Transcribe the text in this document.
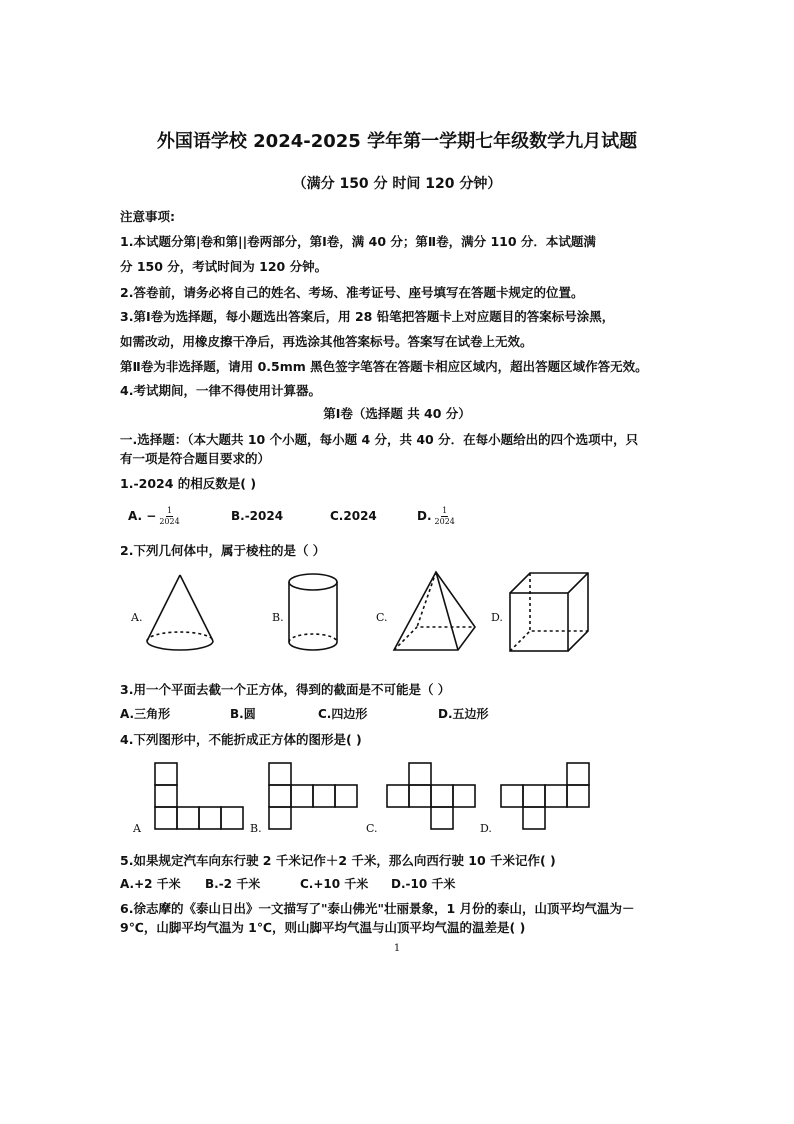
外国语学校 2024-2025 学年第一学期七年级数学九月试题
（满分 150 分 时间 120 分钟）
注意事项:
1.本试题分第|卷和第||卷两部分，第Ⅰ卷，满 40 分；第Ⅱ卷，满分 110 分．本试题满
分 150 分，考试时间为 120 分钟。
2.答卷前，请务必将自己的姓名、考场、准考证号、座号填写在答题卡规定的位置。
3.第Ⅰ卷为选择题，每小题选出答案后，用 28 铅笔把答题卡上对应题目的答案标号涂黑，
如需改动，用橡皮擦干净后，再选涂其他答案标号。答案写在试卷上无效。
第Ⅱ卷为非选择题，请用 0.5mm 黑色签字笔答在答题卡相应区域内，超出答题区域作答无效。
4.考试期间，一律不得使用计算器。
第Ⅰ卷（选择题 共 40 分）
一.选择题：（本大题共 10 个小题，每小题 4 分，共 40 分．在每小题给出的四个选项中，只
有一项是符合题目要求的）
1.-2024 的相反数是( )
A. − $\frac{1}{2024}$	B.-2024	C.2024	D. $\frac{1}{2024}$
2.下列几何体中，属于棱柱的是（ ）
A.	B.	C.	D.
3.用一个平面去截一个正方体，得到的截面是不可能是（ ）
A.三角形	B.圆	C.四边形	D.五边形
4.下列图形中，不能折成正方体的图形是( )
A	B.	C.	D.
5.如果规定汽车向东行驶 2 千米记作＋2 千米，那么向西行驶 10 千米记作( )
A.+2 千米 B.-2 千米	C.+10 千米 D.-10 千米
6.徐志摩的《泰山日出》一文描写了"泰山佛光"壮丽景象，1 月份的泰山，山顶平均气温为－
9℃，山脚平均气温为 1℃，则山脚平均气温与山顶平均气温的温差是( )
1
